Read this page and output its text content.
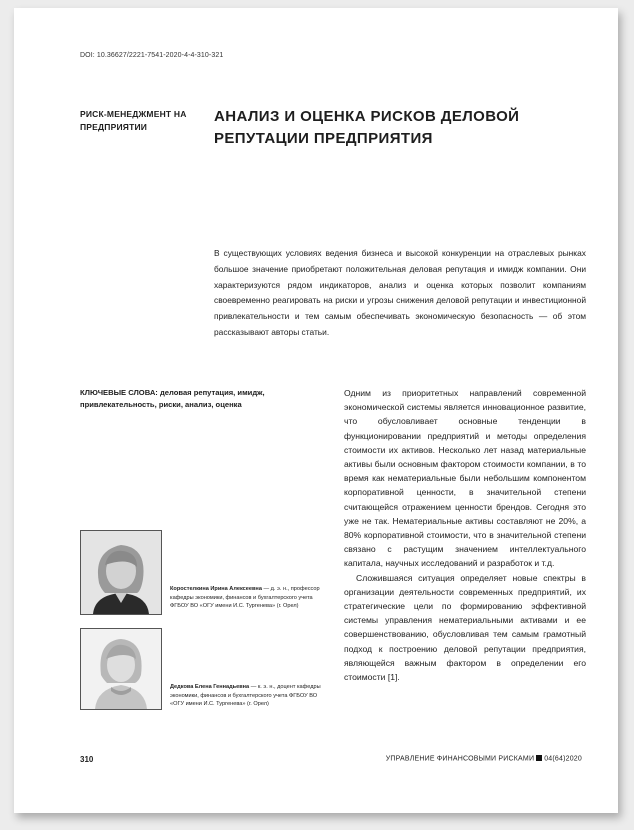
DOI: 10.36627/2221-7541-2020-4-4-310-321
РИСК-МЕНЕДЖМЕНТ НА ПРЕДПРИЯТИИ
АНАЛИЗ И ОЦЕНКА РИСКОВ ДЕЛОВОЙ РЕПУТАЦИИ ПРЕДПРИЯТИЯ

В существующих условиях ведения бизнеса и высокой конкуренции на отраслевых рынках большое значение приобретают положительная деловая репутация и имидж компании. Они характеризуются рядом индикаторов, анализ и оценка которых позволит компаниям своевременно реагировать на риски и угрозы снижения деловой репутации и инвестиционной привлекательности и тем самым обеспечивать экономическую безопасность — об этом рассказывают авторы статьи.

КЛЮЧЕВЫЕ СЛОВА: деловая репутация, имидж, привлекательность, риски, анализ, оценка

Одним из приоритетных направлений современной экономической системы является инновационное развитие, что обусловливает основные тенденции в функционировании предприятий и методы определения стоимости их активов. Несколько лет назад материальные активы были основным фактором стоимости компании, в то время как нематериальные были небольшим компонентом корпоративной ценности, в значительной степени считающейся отражением ценности брендов. Сегодня это уже не так. Нематериальные активы составляют не 20%, а 80% корпоративной стоимости, что в значительной степени связано с растущим значением интеллектуального капитала, научных исследований и разработок и т.д.

Сложившаяся ситуация определяет новые спектры в организации деятельности современных предприятий, их стратегические цели по формированию эффективной системы управления нематериальными активами и ее совершенствованию, обусловливая тем самым грамотный подход к построению деловой репутации предприятия, являющейся важным фактором в определении его стоимости [1].

Коростелкина Ирина Алексеевна — д. э. н., профессор кафедры экономики, финансов и бухгалтерского учета ФГБОУ ВО «ОГУ имени И.С. Тургенева» (г. Орел)
Дедкова Елена Геннадьевна — к. э. н., доцент кафедры экономики, финансов и бухгалтерского учета ФГБОУ ВО «ОГУ имени И.С. Тургенева» (г. Орел)
310	УПРАВЛЕНИЕ ФИНАНСОВЫМИ РИСКАМИ 04(64)2020
